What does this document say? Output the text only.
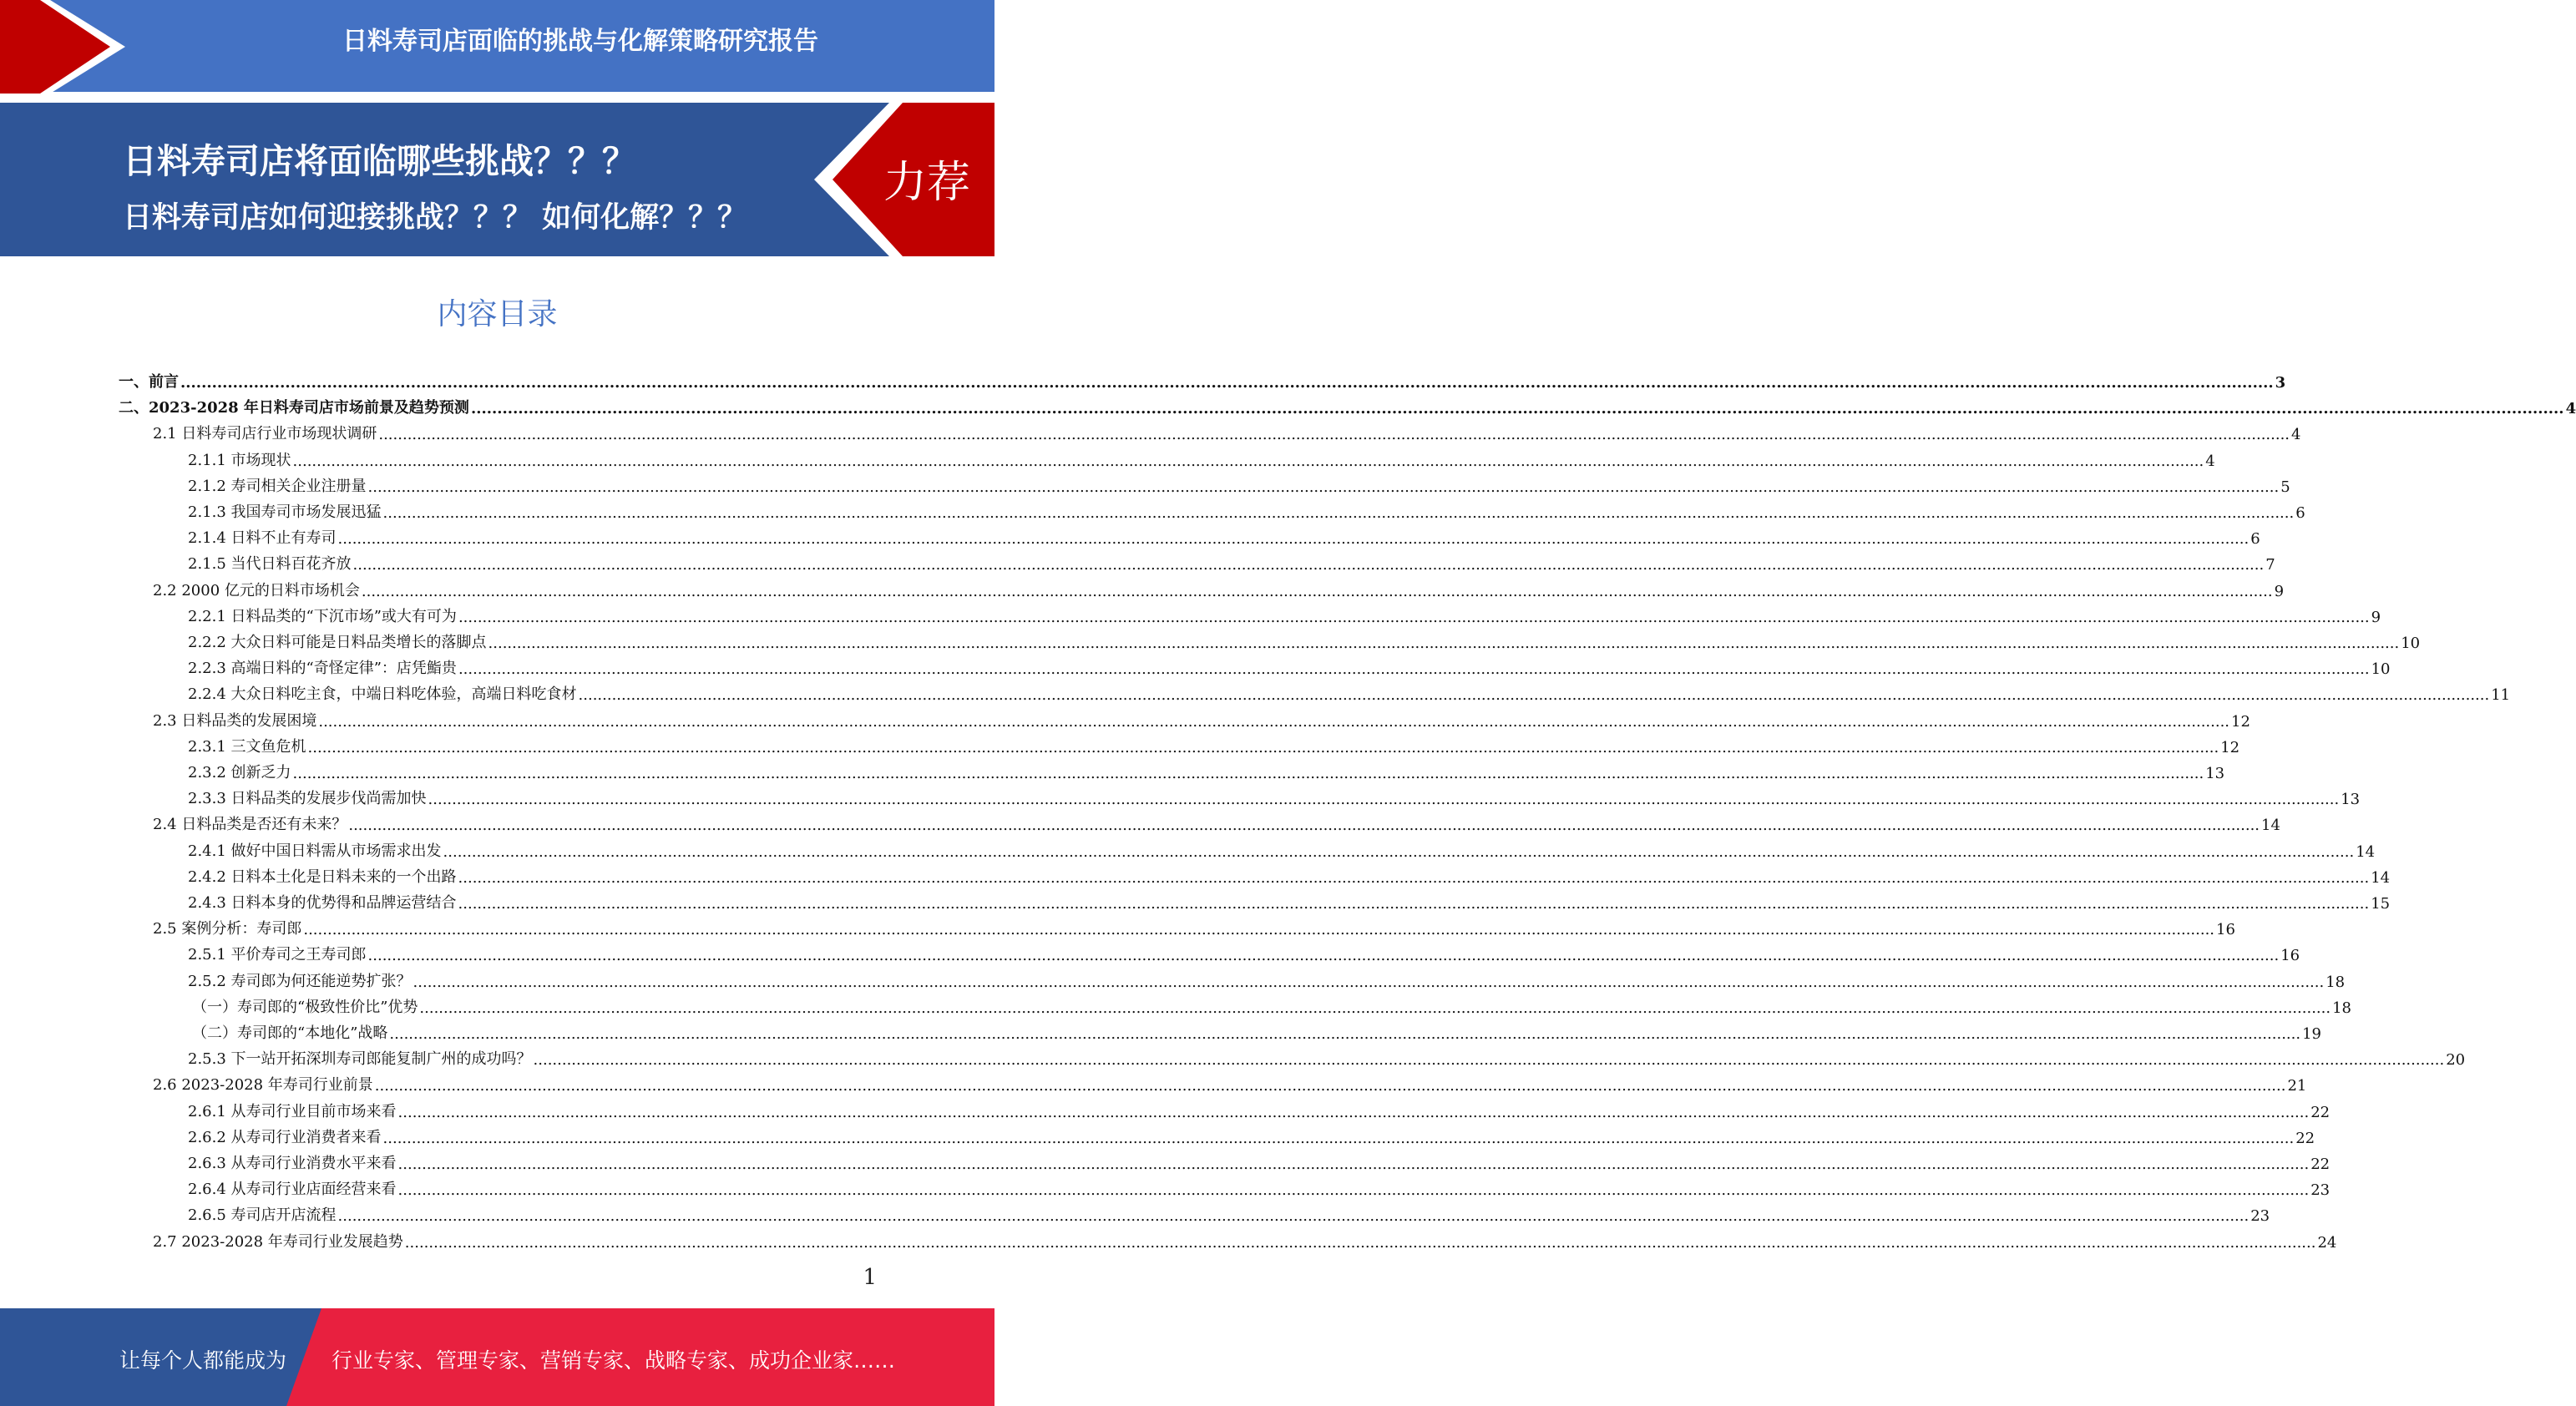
日料寿司店面临的挑战与化解策略研究报告
力荐
日料寿司店将面临哪些挑战？？？
日料寿司店如何迎接挑战？？？ 如何化解？？？
内容目录
一、前言 ................................................................................................................................................................................................................................................................................................................................................................................................................ 3
二、2023-2028 年日料寿司店市场前景及趋势预测 ................................................................................................................................................................................................................................................................................................................................................................................................................ 4
2.1 日料寿司店行业市场现状调研 ................................................................................................................................................................................................................................................................................................................................................................................................................ 4
2.1.1 市场现状 ................................................................................................................................................................................................................................................................................................................................................................................................................ 4
2.1.2 寿司相关企业注册量 ................................................................................................................................................................................................................................................................................................................................................................................................................ 5
2.1.3 我国寿司市场发展迅猛 ................................................................................................................................................................................................................................................................................................................................................................................................................ 6
2.1.4 日料不止有寿司 ................................................................................................................................................................................................................................................................................................................................................................................................................ 6
2.1.5 当代日料百花齐放 ................................................................................................................................................................................................................................................................................................................................................................................................................ 7
2.2 2000 亿元的日料市场机会 ................................................................................................................................................................................................................................................................................................................................................................................................................ 9
2.2.1 日料品类的“下沉市场”或大有可为 ................................................................................................................................................................................................................................................................................................................................................................................................................ 9
2.2.2 大众日料可能是日料品类增长的落脚点 ................................................................................................................................................................................................................................................................................................................................................................................................................ 10
2.2.3 高端日料的“奇怪定律”：店凭鮨贵 ................................................................................................................................................................................................................................................................................................................................................................................................................ 10
2.2.4 大众日料吃主食，中端日料吃体验，高端日料吃食材 ................................................................................................................................................................................................................................................................................................................................................................................................................ 11
2.3 日料品类的发展困境 ................................................................................................................................................................................................................................................................................................................................................................................................................ 12
2.3.1 三文鱼危机 ................................................................................................................................................................................................................................................................................................................................................................................................................ 12
2.3.2 创新乏力 ................................................................................................................................................................................................................................................................................................................................................................................................................ 13
2.3.3 日料品类的发展步伐尚需加快 ................................................................................................................................................................................................................................................................................................................................................................................................................ 13
2.4 日料品类是否还有未来？ ................................................................................................................................................................................................................................................................................................................................................................................................................ 14
2.4.1 做好中国日料需从市场需求出发 ................................................................................................................................................................................................................................................................................................................................................................................................................ 14
2.4.2 日料本土化是日料未来的一个出路 ................................................................................................................................................................................................................................................................................................................................................................................................................ 14
2.4.3 日料本身的优势得和品牌运营结合 ................................................................................................................................................................................................................................................................................................................................................................................................................ 15
2.5 案例分析：寿司郎 ................................................................................................................................................................................................................................................................................................................................................................................................................ 16
2.5.1 平价寿司之王寿司郎 ................................................................................................................................................................................................................................................................................................................................................................................................................ 16
2.5.2 寿司郎为何还能逆势扩张？ ................................................................................................................................................................................................................................................................................................................................................................................................................ 18
（一）寿司郎的“极致性价比”优势 ................................................................................................................................................................................................................................................................................................................................................................................................................ 18
（二）寿司郎的“本地化”战略 ................................................................................................................................................................................................................................................................................................................................................................................................................ 19
2.5.3 下一站开拓深圳寿司郎能复制广州的成功吗？ ................................................................................................................................................................................................................................................................................................................................................................................................................ 20
2.6 2023-2028 年寿司行业前景 ................................................................................................................................................................................................................................................................................................................................................................................................................ 21
2.6.1 从寿司行业目前市场来看 ................................................................................................................................................................................................................................................................................................................................................................................................................ 22
2.6.2 从寿司行业消费者来看 ................................................................................................................................................................................................................................................................................................................................................................................................................ 22
2.6.3 从寿司行业消费水平来看 ................................................................................................................................................................................................................................................................................................................................................................................................................ 22
2.6.4 从寿司行业店面经营来看 ................................................................................................................................................................................................................................................................................................................................................................................................................ 23
2.6.5 寿司店开店流程 ................................................................................................................................................................................................................................................................................................................................................................................................................ 23
2.7 2023-2028 年寿司行业发展趋势 ................................................................................................................................................................................................................................................................................................................................................................................................................ 24
1
让每个人都能成为 行业专家、管理专家、营销专家、战略专家、成功企业家……
